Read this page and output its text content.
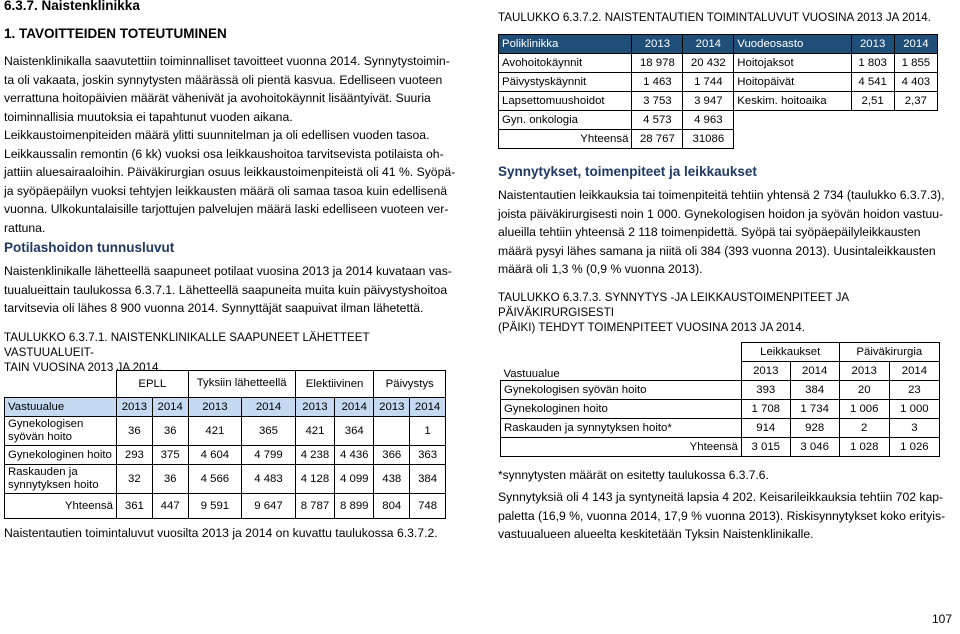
6.3.7. Naistenklinikka
1. TAVOITTEIDEN TOTEUTUMINEN
Naistenklinikalla saavutettiin toiminnalliset tavoitteet vuonna 2014. Synnytystoimin-
ta oli vakaata, joskin synnytysten määrässä oli pientä kasvua. Edelliseen vuoteen
verrattuna hoitopäivien määrät vähenivät ja avohoitokäynnit lisääntyivät. Suuria
toiminnallisia muutoksia ei tapahtunut vuoden aikana.
Leikkaustoimenpiteiden määrä ylitti suunnitelman ja oli edellisen vuoden tasoa.
Leikkaussalin remontin (6 kk) vuoksi osa leikkaushoitoa tarvitsevista potilaista oh-
jattiin aluesairaaloihin. Päiväkirurgian osuus leikkaustoimenpiteistä oli 41 %. Syöpä-
ja syöpäepäilyn vuoksi tehtyjen leikkausten määrä oli samaa tasoa kuin edellisenä
vuonna. Ulkokuntalaisille tarjottujen palvelujen määrä laski edelliseen vuoteen ver-
rattuna.
Potilashoidon tunnusluvut
Naistenklinikalle lähetteellä saapuneet potilaat vuosina 2013 ja 2014 kuvataan vas-
tuualueittain taulukossa 6.3.7.1. Lähetteellä saapuneita muita kuin päivystyshoitoa
tarvitsevia oli lähes 8 900 vuonna 2014. Synnyttäjät saapuivat ilman lähetettä.
TAULUKKO 6.3.7.1. NAISTENKLINIKALLE SAAPUNEET LÄHETTEET VASTUUALUEIT-
TAIN VUOSINA 2013 JA 2014.
	EPLL		Tyksiin lähetteellä		Elektiivinen		Päivystys	
Vastuualue	2013	2014	2013	2014	2013	2014	2013	2014
Gynekologisen syövän hoito	36	36	421	365	421	364		1
Gynekologinen hoito	293	375	4 604	4 799	4 238	4 436	366	363
Raskauden ja synnytyksen hoito	32	36	4 566	4 483	4 128	4 099	438	384
Yhteensä	361	447	9 591	9 647	8 787	8 899	804	748
Naistentautien toimintaluvut vuosilta 2013 ja 2014 on kuvattu taulukossa 6.3.7.2.
TAULUKKO 6.3.7.2. NAISTENTAUTIEN TOIMINTALUVUT VUOSINA 2013 JA 2014.
Poliklinikka	2013	2014	Vuodeosasto	2013	2014
Avohoitokäynnit	18 978	20 432	Hoitojaksot	1 803	1 855
Päivystyskäynnit	1 463	1 744	Hoitopäivät	4 541	4 403
Lapsettomuushoidot	3 753	3 947	Keskim. hoitoaika	2,51	2,37
Gyn. onkologia	4 573	4 963			
Yhteensä	28 767	31086			
Synnytykset, toimenpiteet ja leikkaukset
Naistentautien leikkauksia tai toimenpiteitä tehtiin yhtensä 2 734 (taulukko 6.3.7.3),
joista päiväkirurgisesti noin 1 000. Gynekologisen hoidon ja syövän hoidon vastuu-
alueilla tehtiin yhteensä 2 118 toimenpidettä. Syöpä tai syöpäepäilyleikkausten
määrä pysyi lähes samana ja niitä oli 384 (393 vuonna 2013). Uusintaleikkausten
määrä oli 1,3 % (0,9 % vuonna 2013).
TAULUKKO 6.3.7.3. SYNNYTYS -JA LEIKKAUSTOIMENPITEET JA PÄIVÄKIRURGISESTI
(PÄIKI) TEHDYT TOIMENPITEET VUOSINA 2013 JA 2014.
Vastuualue	Leikkaukset		Päiväkirurgia	
	2013	2014	2013	2014
Gynekologisen syövän hoito	393	384	20	23
Gynekologinen hoito	1 708	1 734	1 006	1 000
Raskauden ja synnytyksen hoito*	914	928	2	3
Yhteensä	3 015	3 046	1 028	1 026
*synnytysten määrät on esitetty taulukossa 6.3.7.6.
Synnytyksiä oli 4 143 ja syntyneitä lapsia 4 202. Keisarileikkauksia tehtiin 702 kap-
paletta (16,9 %, vuonna 2014, 17,9 % vuonna 2013). Riskisynnytykset koko erityis-
vastuualueen alueelta keskitetään Tyksin Naistenklinikalle.
107
